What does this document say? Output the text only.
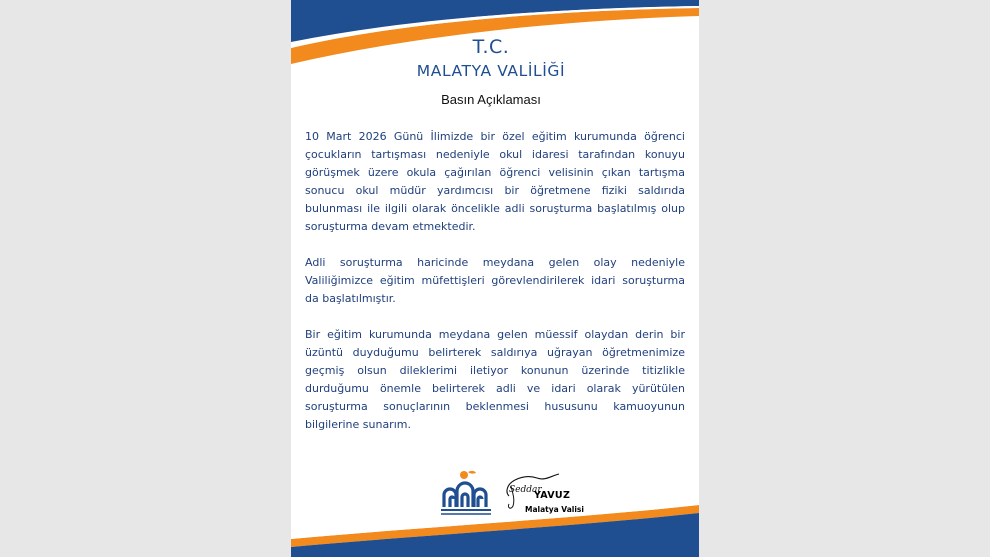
T.C.
MALATYA VALİLİĞİ
Basın Açıklaması

10 Mart 2026 Günü İlimizde bir özel eğitim kurumunda öğrenci çocukların tartışması nedeniyle okul idaresi tarafından konuyu görüşmek üzere okula çağırılan öğrenci velisinin çıkan tartışma sonucu okul müdür yardımcısı bir öğretmene fiziki saldırıda bulunması ile ilgili olarak öncelikle adli soruşturma başlatılmış olup soruşturma devam etmektedir.

Adli soruşturma haricinde meydana gelen olay nedeniyle Valiliğimizce eğitim müfettişleri görevlendirilerek idari soruşturma da başlatılmıştır.

Bir eğitim kurumunda meydana gelen müessif olaydan derin bir üzüntü duyduğumu belirterek saldırıya uğrayan öğretmenimize geçmiş olsun dileklerimi iletiyor konunun üzerinde titizlikle durduğumu önemle belirterek adli ve idari olarak yürütülen soruşturma sonuçlarının beklenmesi hususunu kamuoyunun bilgilerine sunarım.

Seddar
YAVUZ
Malatya Valisi
